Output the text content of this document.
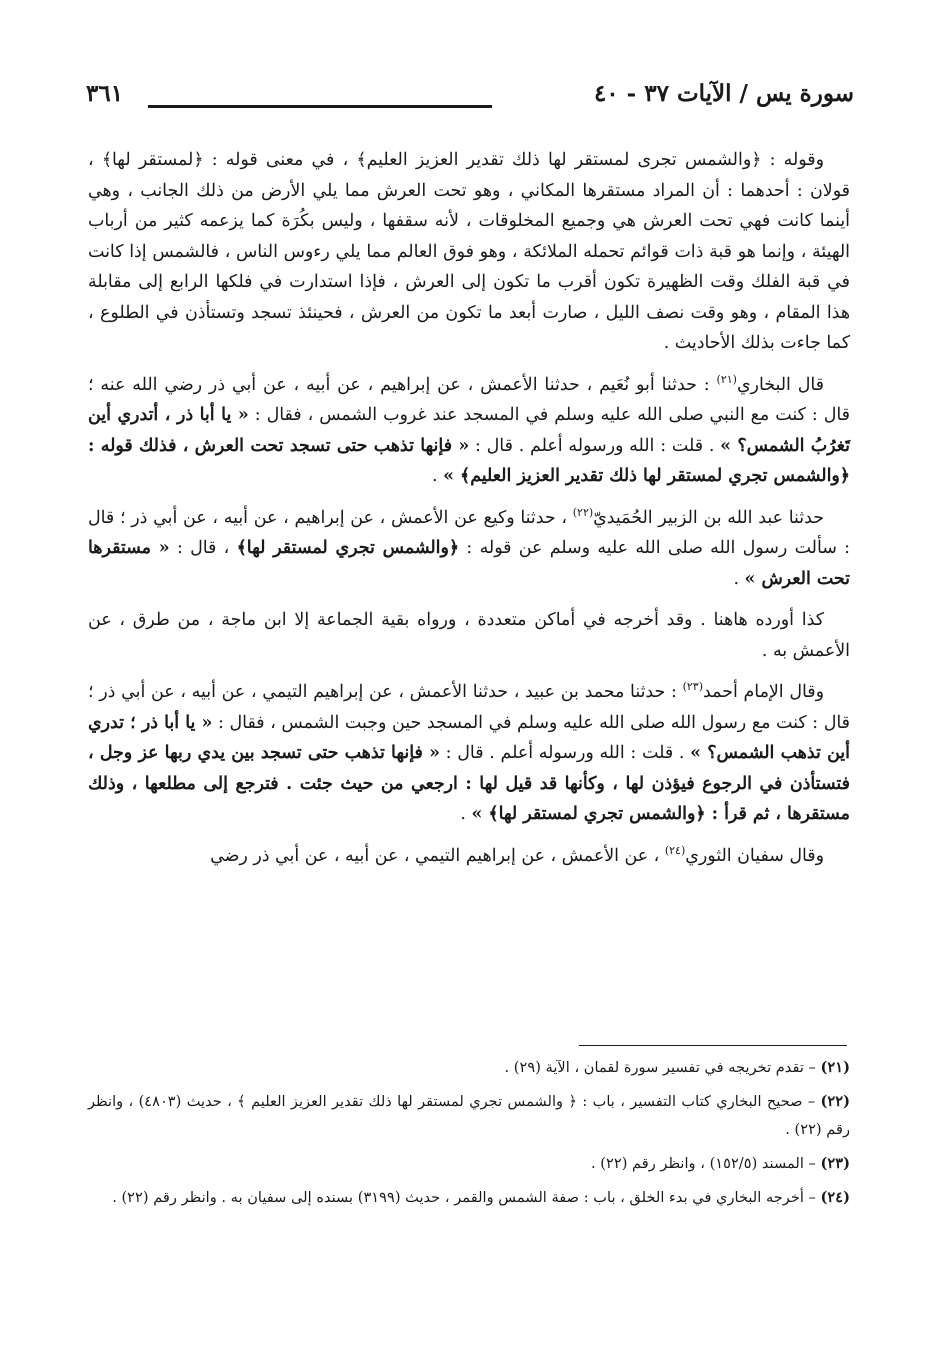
سورة يس / الآيات ٣٧ - ٤٠
٣٦١

وقوله : ﴿والشمس تجرى لمستقر لها ذلك تقدير العزيز العليم﴾ ، في معنى قوله : ﴿لمستقر لها﴾ ، قولان : أحدهما : أن المراد مستقرها المكاني ، وهو تحت العرش مما يلي الأرض من ذلك الجانب ، وهي أينما كانت فهي تحت العرش هي وجميع المخلوقات ، لأنه سقفها ، وليس بكُرَة كما يزعمه كثير من أرباب الهيئة ، وإنما هو قبة ذات قوائم تحمله الملائكة ، وهو فوق العالم مما يلي رءوس الناس ، فالشمس إذا كانت في قبة الفلك وقت الظهيرة تكون أقرب ما تكون إلى العرش ، فإذا استدارت في فلكها الرابع إلى مقابلة هذا المقام ، وهو وقت نصف الليل ، صارت أبعد ما تكون من العرش ، فحينئذ تسجد وتستأذن في الطلوع ، كما جاءت بذلك الأحاديث .

قال البخاري$^{(٢١)}$ : حدثنا أبو نُعَيم ، حدثنا الأعمش ، عن إبراهيم ، عن أبيه ، عن أبي ذر رضي الله عنه ؛ قال : كنت مع النبي صلى الله عليه وسلم في المسجد عند غروب الشمس ، فقال : « يا أبا ذر ، أتدري أين تَغرُبُ الشمس؟ » . قلت : الله ورسوله أعلم . قال : « فإنها تذهب حتى تسجد تحت العرش ، فذلك قوله : ﴿والشمس تجري لمستقر لها ذلك تقدير العزيز العليم﴾ » .

حدثنا عبد الله بن الزبير الحُمَيديّ$^{(٢٢)}$ ، حدثنا وكيع عن الأعمش ، عن إبراهيم ، عن أبيه ، عن أبي ذر ؛ قال : سألت رسول الله صلى الله عليه وسلم عن قوله : ﴿والشمس تجري لمستقر لها﴾ ، قال : « مستقرها تحت العرش » .

كذا أورده هاهنا . وقد أخرجه في أماكن متعددة ، ورواه بقية الجماعة إلا ابن ماجة ، من طرق ، عن الأعمش به .

وقال الإمام أحمد$^{(٢٣)}$ : حدثنا محمد بن عبيد ، حدثنا الأعمش ، عن إبراهيم التيمي ، عن أبيه ، عن أبي ذر ؛ قال : كنت مع رسول الله صلى الله عليه وسلم في المسجد حين وجبت الشمس ، فقال : « يا أبا ذر ؛ تدري أين تذهب الشمس؟ » . قلت : الله ورسوله أعلم . قال : « فإنها تذهب حتى تسجد بين يدي ربها عز وجل ، فتستأذن في الرجوع فيؤذن لها ، وكأنها قد قيل لها : ارجعي من حيث جئت . فترجع إلى مطلعها ، وذلك مستقرها ، ثم قرأ : ﴿والشمس تجري لمستقر لها﴾ » .

وقال سفيان الثوري$^{(٢٤)}$ ، عن الأعمش ، عن إبراهيم التيمي ، عن أبيه ، عن أبي ذر رضي

(٢١) – تقدم تخريجه في تفسير سورة لقمان ، الآية (٢٩) .

(٢٢) – صحيح البخاري كتاب التفسير ، باب : ﴿ والشمس تجري لمستقر لها ذلك تقدير العزيز العليم ﴾ ، حديث (٤٨٠٣) ، وانظر رقم (٢٢) .

(٢٣) – المسند (١٥٢/٥) ، وانظر رقم (٢٢) .

(٢٤) – أخرجه البخاري في بدء الخلق ، باب : صفة الشمس والقمر ، حديث (٣١٩٩) بسنده إلى سفيان به . وانظر رقم (٢٢) .
